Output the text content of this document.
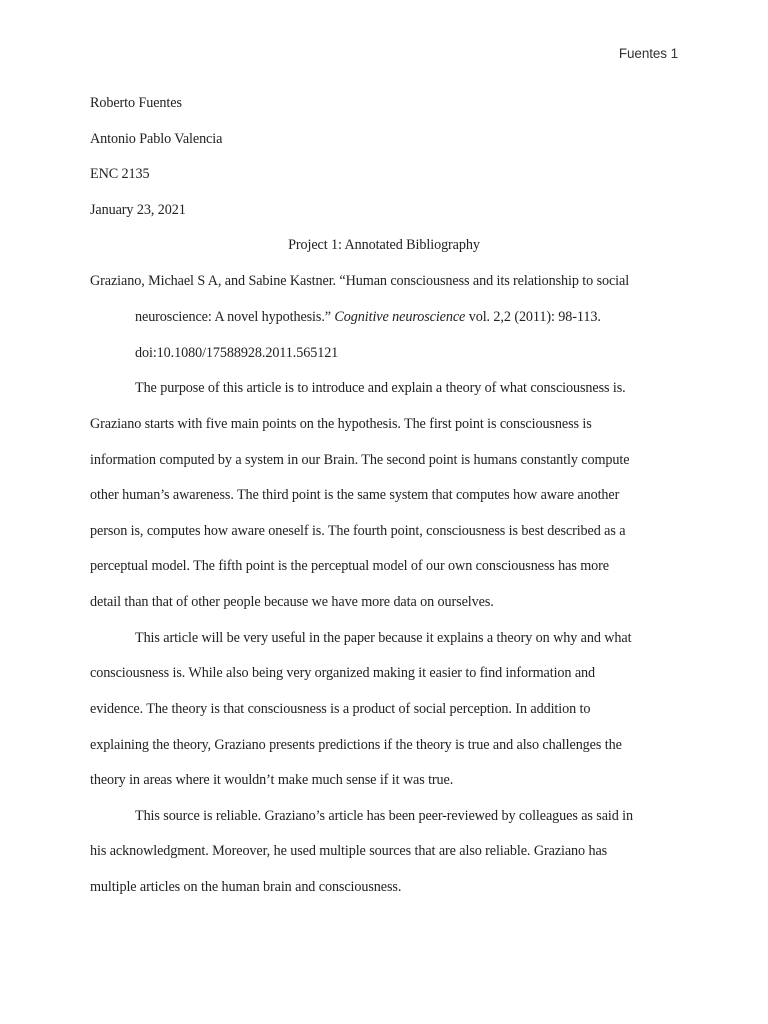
Fuentes 1
Roberto Fuentes
Antonio Pablo Valencia
ENC 2135
January 23, 2021
Project 1: Annotated Bibliography
Graziano, Michael S A, and Sabine Kastner. “Human consciousness and its relationship to social
neuroscience: A novel hypothesis.” Cognitive neuroscience vol. 2,2 (2011): 98-113.
doi:10.1080/17588928.2011.565121
The purpose of this article is to introduce and explain a theory of what consciousness is.
Graziano starts with five main points on the hypothesis. The first point is consciousness is
information computed by a system in our Brain. The second point is humans constantly compute
other human’s awareness. The third point is the same system that computes how aware another
person is, computes how aware oneself is. The fourth point, consciousness is best described as a
perceptual model. The fifth point is the perceptual model of our own consciousness has more
detail than that of other people because we have more data on ourselves.
This article will be very useful in the paper because it explains a theory on why and what
consciousness is. While also being very organized making it easier to find information and
evidence. The theory is that consciousness is a product of social perception. In addition to
explaining the theory, Graziano presents predictions if the theory is true and also challenges the
theory in areas where it wouldn’t make much sense if it was true.
This source is reliable. Graziano’s article has been peer-reviewed by colleagues as said in
his acknowledgment. Moreover, he used multiple sources that are also reliable. Graziano has
multiple articles on the human brain and consciousness.
